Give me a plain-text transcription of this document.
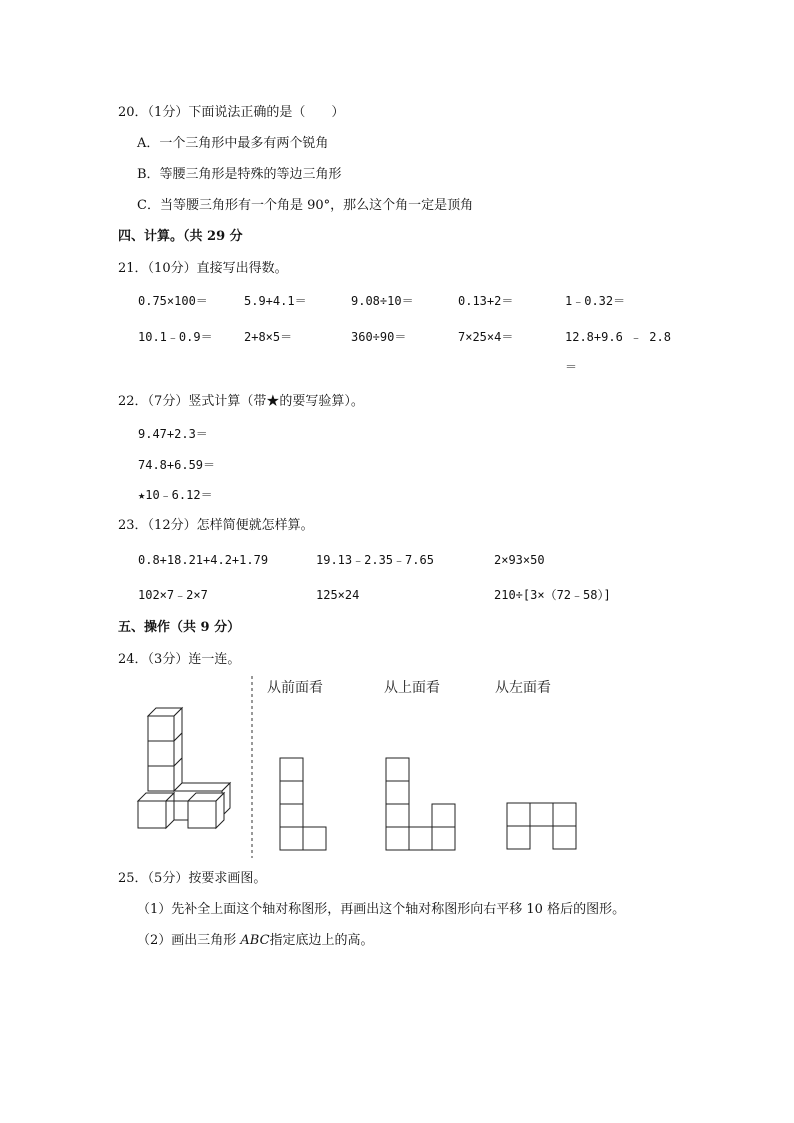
20．（1分）下面说法正确的是（　　）
A．一个三角形中最多有两个锐角
B．等腰三角形是特殊的等边三角形
C．当等腰三角形有一个角是 90°，那么这个角一定是顶角
四、计算。（共 29 分
21．（10分）直接写出得数。
0.75×100＝	5.9+4.1＝	9.08÷10＝	0.13+2＝	1﹣0.32＝
10.1﹣0.9＝	2+8×5＝	360÷90＝	7×25×4＝	12.8+9.6 ﹣ 2.8
＝
22．（7分）竖式计算（带★的要写验算）。
9.47+2.3＝
74.8+6.59＝
★10﹣6.12＝
23．（12分）怎样简便就怎样算。
0.8+18.21+4.2+1.79	19.13﹣2.35﹣7.65	2×93×50
102×7﹣2×7	125×24	210÷[3×（72﹣58）]
五、操作（共 9 分）
24．（3分）连一连。
从前面看	从上面看	从左面看
25．（5分）按要求画图。
（1）先补全上面这个轴对称图形，再画出这个轴对称图形向右平移 10 格后的图形。
（2）画出三角形 ABC指定底边上的高。
